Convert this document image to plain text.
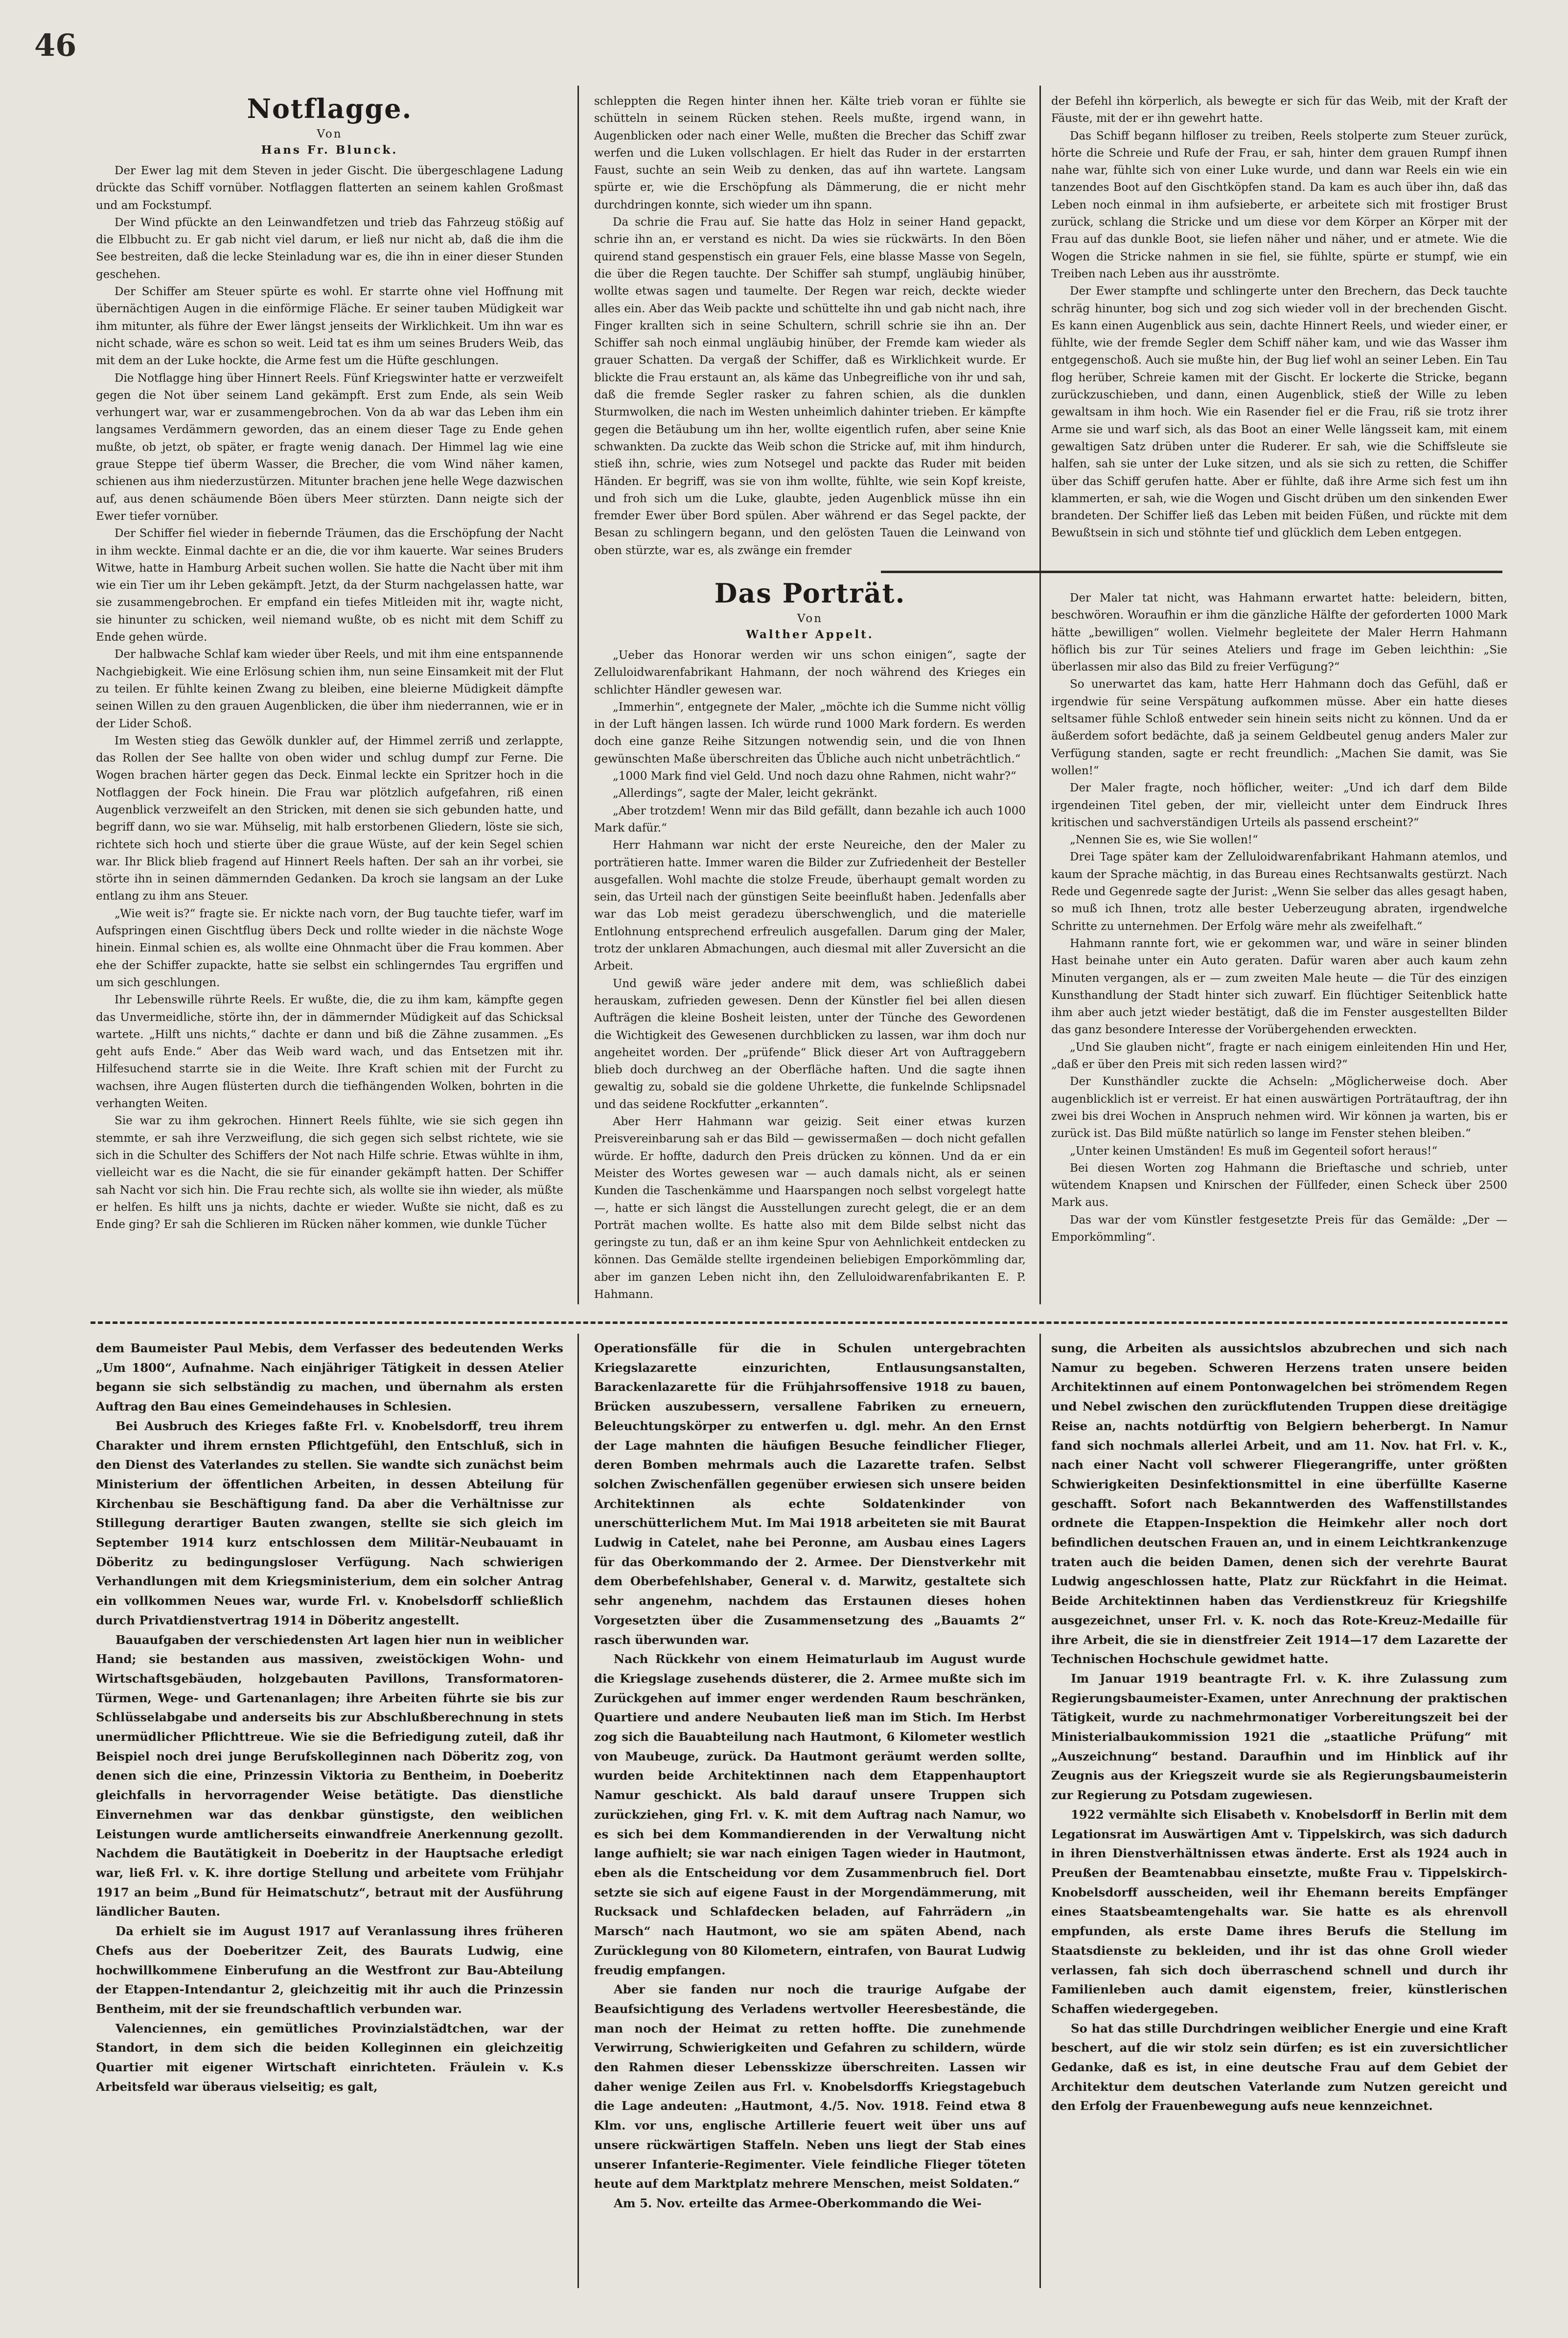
46
Notflagge.
Von
Hans Fr. Blunck.

Der Ewer lag mit dem Steven in jeder Gischt. Die übergeschlagene Ladung drückte das Schiff vornüber. Notflaggen flatterten an seinem kahlen Großmast und am Fockstumpf.

Der Wind pfückte an den Leinwandfetzen und trieb das Fahrzeug stößig auf die Elbbucht zu. Er gab nicht viel darum, er ließ nur nicht ab, daß die ihm die See bestreiten, daß die lecke Steinladung war es, die ihn in einer dieser Stunden geschehen.

Der Schiffer am Steuer spürte es wohl. Er starrte ohne viel Hoffnung mit übernächtigen Augen in die einförmige Fläche. Er seiner tauben Müdigkeit war ihm mitunter, als führe der Ewer längst jenseits der Wirklichkeit. Um ihn war es nicht schade, wäre es schon so weit. Leid tat es ihm um seines Bruders Weib, das mit dem an der Luke hockte, die Arme fest um die Hüfte geschlungen.

Die Notflagge hing über Hinnert Reels. Fünf Kriegswinter hatte er verzweifelt gegen die Not über seinem Land gekämpft. Erst zum Ende, als sein Weib verhungert war, war er zusammengebrochen. Von da ab war das Leben ihm ein langsames Verdämmern geworden, das an einem dieser Tage zu Ende gehen mußte, ob jetzt, ob später, er fragte wenig danach. Der Himmel lag wie eine graue Steppe tief überm Wasser, die Brecher, die vom Wind näher kamen, schienen aus ihm niederzustürzen. Mitunter brachen jene helle Wege dazwischen auf, aus denen schäumende Böen übers Meer stürzten. Dann neigte sich der Ewer tiefer vornüber.

Der Schiffer fiel wieder in fiebernde Träumen, das die Erschöpfung der Nacht in ihm weckte. Einmal dachte er an die, die vor ihm kauerte. War seines Bruders Witwe, hatte in Hamburg Arbeit suchen wollen. Sie hatte die Nacht über mit ihm wie ein Tier um ihr Leben gekämpft. Jetzt, da der Sturm nachgelassen hatte, war sie zusammengebrochen. Er empfand ein tiefes Mitleiden mit ihr, wagte nicht, sie hinunter zu schicken, weil niemand wußte, ob es nicht mit dem Schiff zu Ende gehen würde.

Der halbwache Schlaf kam wieder über Reels, und mit ihm eine entspannende Nachgiebigkeit. Wie eine Erlösung schien ihm, nun seine Einsamkeit mit der Flut zu teilen. Er fühlte keinen Zwang zu bleiben, eine bleierne Müdigkeit dämpfte seinen Willen zu den grauen Augenblicken, die über ihm niederrannen, wie er in der Lider Schoß.

Im Westen stieg das Gewölk dunkler auf, der Himmel zerriß und zerlappte, das Rollen der See hallte von oben wider und schlug dumpf zur Ferne. Die Wogen brachen härter gegen das Deck. Einmal leckte ein Spritzer hoch in die Notflaggen der Fock hinein. Die Frau war plötzlich aufgefahren, riß einen Augenblick verzweifelt an den Stricken, mit denen sie sich gebunden hatte, und begriff dann, wo sie war. Mühselig, mit halb erstorbenen Gliedern, löste sie sich, richtete sich hoch und stierte über die graue Wüste, auf der kein Segel schien war. Ihr Blick blieb fragend auf Hinnert Reels haften. Der sah an ihr vorbei, sie störte ihn in seinen dämmernden Gedanken. Da kroch sie langsam an der Luke entlang zu ihm ans Steuer.

„Wie weit is?“ fragte sie. Er nickte nach vorn, der Bug tauchte tiefer, warf im Aufspringen einen Gischtflug übers Deck und rollte wieder in die nächste Woge hinein. Einmal schien es, als wollte eine Ohnmacht über die Frau kommen. Aber ehe der Schiffer zupackte, hatte sie selbst ein schlingerndes Tau ergriffen und um sich geschlungen.

Ihr Lebenswille rührte Reels. Er wußte, die, die zu ihm kam, kämpfte gegen das Unvermeidliche, störte ihn, der in dämmernder Müdigkeit auf das Schicksal wartete. „Hilft uns nichts,“ dachte er dann und biß die Zähne zusammen. „Es geht aufs Ende.“ Aber das Weib ward wach, und das Entsetzen mit ihr. Hilfesuchend starrte sie in die Weite. Ihre Kraft schien mit der Furcht zu wachsen, ihre Augen flüsterten durch die tiefhängenden Wolken, bohrten in die verhangten Weiten.

Sie war zu ihm gekrochen. Hinnert Reels fühlte, wie sie sich gegen ihn stemmte, er sah ihre Verzweiflung, die sich gegen sich selbst richtete, wie sie sich in die Schulter des Schiffers der Not nach Hilfe schrie. Etwas wühlte in ihm, vielleicht war es die Nacht, die sie für einander gekämpft hatten. Der Schiffer sah Nacht vor sich hin. Die Frau rechte sich, als wollte sie ihn wieder, als müßte er helfen. Es hilft uns ja nichts, dachte er wieder. Wußte sie nicht, daß es zu Ende ging? Er sah die Schlieren im Rücken näher kommen, wie dunkle Tücher

schleppten die Regen hinter ihnen her. Kälte trieb voran er fühlte sie schütteln in seinem Rücken stehen. Reels mußte, irgend wann, in Augenblicken oder nach einer Welle, mußten die Brecher das Schiff zwar werfen und die Luken vollschlagen. Er hielt das Ruder in der erstarrten Faust, suchte an sein Weib zu denken, das auf ihn wartete. Langsam spürte er, wie die Erschöpfung als Dämmerung, die er nicht mehr durchdringen konnte, sich wieder um ihn spann.

Da schrie die Frau auf. Sie hatte das Holz in seiner Hand gepackt, schrie ihn an, er verstand es nicht. Da wies sie rückwärts. In den Böen quirend stand gespenstisch ein grauer Fels, eine blasse Masse von Segeln, die über die Regen tauchte. Der Schiffer sah stumpf, ungläubig hinüber, wollte etwas sagen und taumelte. Der Regen war reich, deckte wieder alles ein. Aber das Weib packte und schüttelte ihn und gab nicht nach, ihre Finger krallten sich in seine Schultern, schrill schrie sie ihn an. Der Schiffer sah noch einmal ungläubig hinüber, der Fremde kam wieder als grauer Schatten. Da vergaß der Schiffer, daß es Wirklichkeit wurde. Er blickte die Frau erstaunt an, als käme das Unbegreifliche von ihr und sah, daß die fremde Segler rasker zu fahren schien, als die dunklen Sturmwolken, die nach im Westen unheimlich dahinter trieben. Er kämpfte gegen die Betäubung um ihn her, wollte eigentlich rufen, aber seine Knie schwankten. Da zuckte das Weib schon die Stricke auf, mit ihm hindurch, stieß ihn, schrie, wies zum Notsegel und packte das Ruder mit beiden Händen. Er begriff, was sie von ihm wollte, fühlte, wie sein Kopf kreiste, und froh sich um die Luke, glaubte, jeden Augenblick müsse ihn ein fremder Ewer über Bord spülen. Aber während er das Segel packte, der Besan zu schlingern begann, und den gelösten Tauen die Leinwand von oben stürzte, war es, als zwänge ein fremder

der Befehl ihn körperlich, als bewegte er sich für das Weib, mit der Kraft der Fäuste, mit der er ihn gewehrt hatte.

Das Schiff begann hilfloser zu treiben, Reels stolperte zum Steuer zurück, hörte die Schreie und Rufe der Frau, er sah, hinter dem grauen Rumpf ihnen nahe war, fühlte sich von einer Luke wurde, und dann war Reels ein wie ein tanzendes Boot auf den Gischtköpfen stand. Da kam es auch über ihn, daß das Leben noch einmal in ihm aufsieberte, er arbeitete sich mit frostiger Brust zurück, schlang die Stricke und um diese vor dem Körper an Körper mit der Frau auf das dunkle Boot, sie liefen näher und näher, und er atmete. Wie die Wogen die Stricke nahmen in sie fiel, sie fühlte, spürte er stumpf, wie ein Treiben nach Leben aus ihr ausströmte.

Der Ewer stampfte und schlingerte unter den Brechern, das Deck tauchte schräg hinunter, bog sich und zog sich wieder voll in der brechenden Gischt. Es kann einen Augenblick aus sein, dachte Hinnert Reels, und wieder einer, er fühlte, wie der fremde Segler dem Schiff näher kam, und wie das Wasser ihm entgegenschoß. Auch sie mußte hin, der Bug lief wohl an seiner Leben. Ein Tau flog herüber, Schreie kamen mit der Gischt. Er lockerte die Stricke, begann zurückzuschieben, und dann, einen Augenblick, stieß der Wille zu leben gewaltsam in ihm hoch. Wie ein Rasender fiel er die Frau, riß sie trotz ihrer Arme sie und warf sich, als das Boot an einer Welle längsseit kam, mit einem gewaltigen Satz drüben unter die Ruderer. Er sah, wie die Schiffsleute sie halfen, sah sie unter der Luke sitzen, und als sie sich zu retten, die Schiffer über das Schiff gerufen hatte. Aber er fühlte, daß ihre Arme sich fest um ihn klammerten, er sah, wie die Wogen und Gischt drüben um den sinkenden Ewer brandeten. Der Schiffer ließ das Leben mit beiden Füßen, und rückte mit dem Bewußtsein in sich und stöhnte tief und glücklich dem Leben entgegen.

Das Porträt.
Von
Walther Appelt.

„Ueber das Honorar werden wir uns schon einigen“, sagte der Zelluloidwarenfabrikant Hahmann, der noch während des Krieges ein schlichter Händler gewesen war.

„Immerhin“, entgegnete der Maler, „möchte ich die Summe nicht völlig in der Luft hängen lassen. Ich würde rund 1000 Mark fordern. Es werden doch eine ganze Reihe Sitzungen notwendig sein, und die von Ihnen gewünschten Maße überschreiten das Übliche auch nicht unbeträchtlich.“

„1000 Mark find viel Geld. Und noch dazu ohne Rahmen, nicht wahr?“

„Allerdings“, sagte der Maler, leicht gekränkt.

„Aber trotzdem! Wenn mir das Bild gefällt, dann bezahle ich auch 1000 Mark dafür.“

Herr Hahmann war nicht der erste Neureiche, den der Maler zu porträtieren hatte. Immer waren die Bilder zur Zufriedenheit der Besteller ausgefallen. Wohl machte die stolze Freude, überhaupt gemalt worden zu sein, das Urteil nach der günstigen Seite beeinflußt haben. Jedenfalls aber war das Lob meist geradezu überschwenglich, und die materielle Entlohnung entsprechend erfreulich ausgefallen. Darum ging der Maler, trotz der unklaren Abmachungen, auch diesmal mit aller Zuversicht an die Arbeit.

Und gewiß wäre jeder andere mit dem, was schließlich dabei herauskam, zufrieden gewesen. Denn der Künstler fiel bei allen diesen Aufträgen die kleine Bosheit leisten, unter der Tünche des Gewordenen die Wichtigkeit des Gewesenen durchblicken zu lassen, war ihm doch nur angeheitet worden. Der „prüfende“ Blick dieser Art von Auftraggebern blieb doch durchweg an der Oberfläche haften. Und die sagte ihnen gewaltig zu, sobald sie die goldene Uhrkette, die funkelnde Schlipsnadel und das seidene Rockfutter „erkannten“.

Aber Herr Hahmann war geizig. Seit einer etwas kurzen Preisvereinbarung sah er das Bild — gewissermaßen — doch nicht gefallen würde. Er hoffte, dadurch den Preis drücken zu können. Und da er ein Meister des Wortes gewesen war — auch damals nicht, als er seinen Kunden die Taschenkämme und Haarspangen noch selbst vorgelegt hatte —, hatte er sich längst die Ausstellungen zurecht gelegt, die er an dem Porträt machen wollte. Es hatte also mit dem Bilde selbst nicht das geringste zu tun, daß er an ihm keine Spur von Aehnlichkeit entdecken zu können. Das Gemälde stellte irgendeinen beliebigen Emporkömmling dar, aber im ganzen Leben nicht ihn, den Zelluloidwarenfabrikanten E. P. Hahmann.

Der Maler tat nicht, was Hahmann erwartet hatte: beleidern, bitten, beschwören. Woraufhin er ihm die gänzliche Hälfte der geforderten 1000 Mark hätte „bewilligen“ wollen. Vielmehr begleitete der Maler Herrn Hahmann höflich bis zur Tür seines Ateliers und frage im Geben leichthin: „Sie überlassen mir also das Bild zu freier Verfügung?“

So unerwartet das kam, hatte Herr Hahmann doch das Gefühl, daß er irgendwie für seine Verspätung aufkommen müsse. Aber ein hatte dieses seltsamer fühle Schloß entweder sein hinein seits nicht zu können. Und da er äußerdem sofort bedächte, daß ja seinem Geldbeutel genug anders Maler zur Verfügung standen, sagte er recht freundlich: „Machen Sie damit, was Sie wollen!“

Der Maler fragte, noch höflicher, weiter: „Und ich darf dem Bilde irgendeinen Titel geben, der mir, vielleicht unter dem Eindruck Ihres kritischen und sachverständigen Urteils als passend erscheint?“

„Nennen Sie es, wie Sie wollen!“

Drei Tage später kam der Zelluloidwarenfabrikant Hahmann atemlos, und kaum der Sprache mächtig, in das Bureau eines Rechtsanwalts gestürzt. Nach Rede und Gegenrede sagte der Jurist: „Wenn Sie selber das alles gesagt haben, so muß ich Ihnen, trotz alle bester Ueberzeugung abraten, irgendwelche Schritte zu unternehmen. Der Erfolg wäre mehr als zweifelhaft.“

Hahmann rannte fort, wie er gekommen war, und wäre in seiner blinden Hast beinahe unter ein Auto geraten. Dafür waren aber auch kaum zehn Minuten vergangen, als er — zum zweiten Male heute — die Tür des einzigen Kunsthandlung der Stadt hinter sich zuwarf. Ein flüchtiger Seitenblick hatte ihm aber auch jetzt wieder bestätigt, daß die im Fenster ausgestellten Bilder das ganz besondere Interesse der Vorübergehenden erweckten.

„Und Sie glauben nicht“, fragte er nach einigem einleitenden Hin und Her, „daß er über den Preis mit sich reden lassen wird?“

Der Kunsthändler zuckte die Achseln: „Möglicherweise doch. Aber augenblicklich ist er verreist. Er hat einen auswärtigen Porträtauftrag, der ihn zwei bis drei Wochen in Anspruch nehmen wird. Wir können ja warten, bis er zurück ist. Das Bild müßte natürlich so lange im Fenster stehen bleiben.“

„Unter keinen Umständen! Es muß im Gegenteil sofort heraus!“

Bei diesen Worten zog Hahmann die Brieftasche und schrieb, unter wütendem Knapsen und Knirschen der Füllfeder, einen Scheck über 2500 Mark aus.

Das war der vom Künstler festgesetzte Preis für das Gemälde: „Der — Emporkömmling“.

dem Baumeister Paul Mebis, dem Verfasser des bedeutenden Werks „Um 1800“, Aufnahme. Nach einjähriger Tätigkeit in dessen Atelier begann sie sich selbständig zu machen, und übernahm als ersten Auftrag den Bau eines Gemeindehauses in Schlesien.

Bei Ausbruch des Krieges faßte Frl. v. Knobelsdorff, treu ihrem Charakter und ihrem ernsten Pflichtgefühl, den Entschluß, sich in den Dienst des Vaterlandes zu stellen. Sie wandte sich zunächst beim Ministerium der öffentlichen Arbeiten, in dessen Abteilung für Kirchenbau sie Beschäftigung fand. Da aber die Verhältnisse zur Stillegung derartiger Bauten zwangen, stellte sie sich gleich im September 1914 kurz entschlossen dem Militär-Neubauamt in Döberitz zu bedingungsloser Verfügung. Nach schwierigen Verhandlungen mit dem Kriegsministerium, dem ein solcher Antrag ein vollkommen Neues war, wurde Frl. v. Knobelsdorff schließlich durch Privatdienstvertrag 1914 in Döberitz angestellt.

Bauaufgaben der verschiedensten Art lagen hier nun in weiblicher Hand; sie bestanden aus massiven, zweistöckigen Wohn- und Wirtschaftsgebäuden, holzgebauten Pavillons, Transformatoren-Türmen, Wege- und Gartenanlagen; ihre Arbeiten führte sie bis zur Schlüsselabgabe und anderseits bis zur Abschlußberechnung in stets unermüdlicher Pflichttreue. Wie sie die Befriedigung zuteil, daß ihr Beispiel noch drei junge Berufskolleginnen nach Döberitz zog, von denen sich die eine, Prinzessin Viktoria zu Bentheim, in Doeberitz gleichfalls in hervorragender Weise betätigte. Das dienstliche Einvernehmen war das denkbar günstigste, den weiblichen Leistungen wurde amtlicherseits einwandfreie Anerkennung gezollt. Nachdem die Bautätigkeit in Doeberitz in der Hauptsache erledigt war, ließ Frl. v. K. ihre dortige Stellung und arbeitete vom Frühjahr 1917 an beim „Bund für Heimatschutz“, betraut mit der Ausführung ländlicher Bauten.

Da erhielt sie im August 1917 auf Veranlassung ihres früheren Chefs aus der Doeberitzer Zeit, des Baurats Ludwig, eine hochwillkommene Einberufung an die Westfront zur Bau-Abteilung der Etappen-Intendantur 2, gleichzeitig mit ihr auch die Prinzessin Bentheim, mit der sie freundschaftlich verbunden war.

Valenciennes, ein gemütliches Provinzialstädtchen, war der Standort, in dem sich die beiden Kolleginnen ein gleichzeitig Quartier mit eigener Wirtschaft einrichteten. Fräulein v. K.s Arbeitsfeld war überaus vielseitig; es galt,

Operationsfälle für die in Schulen untergebrachten Kriegslazarette einzurichten, Entlausungsanstalten, Barackenlazarette für die Frühjahrsoffensive 1918 zu bauen, Brücken auszubessern, versallene Fabriken zu erneuern, Beleuchtungskörper zu entwerfen u. dgl. mehr. An den Ernst der Lage mahnten die häufigen Besuche feindlicher Flieger, deren Bomben mehrmals auch die Lazarette trafen. Selbst solchen Zwischenfällen gegenüber erwiesen sich unsere beiden Architektinnen als echte Soldatenkinder von unerschütterlichem Mut. Im Mai 1918 arbeiteten sie mit Baurat Ludwig in Catelet, nahe bei Peronne, am Ausbau eines Lagers für das Oberkommando der 2. Armee. Der Dienstverkehr mit dem Oberbefehlshaber, General v. d. Marwitz, gestaltete sich sehr angenehm, nachdem das Erstaunen dieses hohen Vorgesetzten über die Zusammensetzung des „Bauamts 2“ rasch überwunden war.

Nach Rückkehr von einem Heimaturlaub im August wurde die Kriegslage zusehends düsterer, die 2. Armee mußte sich im Zurückgehen auf immer enger werdenden Raum beschränken, Quartiere und andere Neubauten ließ man im Stich. Im Herbst zog sich die Bauabteilung nach Hautmont, 6 Kilometer westlich von Maubeuge, zurück. Da Hautmont geräumt werden sollte, wurden beide Architektinnen nach dem Etappenhauptort Namur geschickt. Als bald darauf unsere Truppen sich zurückziehen, ging Frl. v. K. mit dem Auftrag nach Namur, wo es sich bei dem Kommandierenden in der Verwaltung nicht lange aufhielt; sie war nach einigen Tagen wieder in Hautmont, eben als die Entscheidung vor dem Zusammenbruch fiel. Dort setzte sie sich auf eigene Faust in der Morgendämmerung, mit Rucksack und Schlafdecken beladen, auf Fahrrädern „in Marsch“ nach Hautmont, wo sie am späten Abend, nach Zurücklegung von 80 Kilometern, eintrafen, von Baurat Ludwig freudig empfangen.

Aber sie fanden nur noch die traurige Aufgabe der Beaufsichtigung des Verladens wertvoller Heeresbestände, die man noch der Heimat zu retten hoffte. Die zunehmende Verwirrung, Schwierigkeiten und Gefahren zu schildern, würde den Rahmen dieser Lebensskizze überschreiten. Lassen wir daher wenige Zeilen aus Frl. v. Knobelsdorffs Kriegstagebuch die Lage andeuten: „Hautmont, 4./5. Nov. 1918. Feind etwa 8 Klm. vor uns, englische Artillerie feuert weit über uns auf unsere rückwärtigen Staffeln. Neben uns liegt der Stab eines unserer Infanterie-Regimenter. Viele feindliche Flieger töteten heute auf dem Marktplatz mehrere Menschen, meist Soldaten.“

Am 5. Nov. erteilte das Armee-Oberkommando die Wei-

sung, die Arbeiten als aussichtslos abzubrechen und sich nach Namur zu begeben. Schweren Herzens traten unsere beiden Architektinnen auf einem Pontonwagelchen bei strömendem Regen und Nebel zwischen den zurückflutenden Truppen diese dreitägige Reise an, nachts notdürftig von Belgiern beherbergt. In Namur fand sich nochmals allerlei Arbeit, und am 11. Nov. hat Frl. v. K., nach einer Nacht voll schwerer Fliegerangriffe, unter größten Schwierigkeiten Desinfektionsmittel in eine überfüllte Kaserne geschafft. Sofort nach Bekanntwerden des Waffenstillstandes ordnete die Etappen-Inspektion die Heimkehr aller noch dort befindlichen deutschen Frauen an, und in einem Leichtkrankenzuge traten auch die beiden Damen, denen sich der verehrte Baurat Ludwig angeschlossen hatte, Platz zur Rückfahrt in die Heimat. Beide Architektinnen haben das Verdienstkreuz für Kriegshilfe ausgezeichnet, unser Frl. v. K. noch das Rote-Kreuz-Medaille für ihre Arbeit, die sie in dienstfreier Zeit 1914—17 dem Lazarette der Technischen Hochschule gewidmet hatte.

Im Januar 1919 beantragte Frl. v. K. ihre Zulassung zum Regierungsbaumeister-Examen, unter Anrechnung der praktischen Tätigkeit, wurde zu nachmehrmonatiger Vorbereitungszeit bei der Ministerialbaukommission 1921 die „staatliche Prüfung“ mit „Auszeichnung“ bestand. Daraufhin und im Hinblick auf ihr Zeugnis aus der Kriegszeit wurde sie als Regierungsbaumeisterin zur Regierung zu Potsdam zugewiesen.

1922 vermählte sich Elisabeth v. Knobelsdorff in Berlin mit dem Legationsrat im Auswärtigen Amt v. Tippelskirch, was sich dadurch in ihren Dienstverhältnissen etwas änderte. Erst als 1924 auch in Preußen der Beamtenabbau einsetzte, mußte Frau v. Tippelskirch-Knobelsdorff ausscheiden, weil ihr Ehemann bereits Empfänger eines Staatsbeamtengehalts war. Sie hatte es als ehrenvoll empfunden, als erste Dame ihres Berufs die Stellung im Staatsdienste zu bekleiden, und ihr ist das ohne Groll wieder verlassen, fah sich doch überraschend schnell und durch ihr Familienleben auch damit eigenstem, freier, künstlerischen Schaffen wiedergegeben.

So hat das stille Durchdringen weiblicher Energie und eine Kraft beschert, auf die wir stolz sein dürfen; es ist ein zuversichtlicher Gedanke, daß es ist, in eine deutsche Frau auf dem Gebiet der Architektur dem deutschen Vaterlande zum Nutzen gereicht und den Erfolg der Frauenbewegung aufs neue kennzeichnet.
